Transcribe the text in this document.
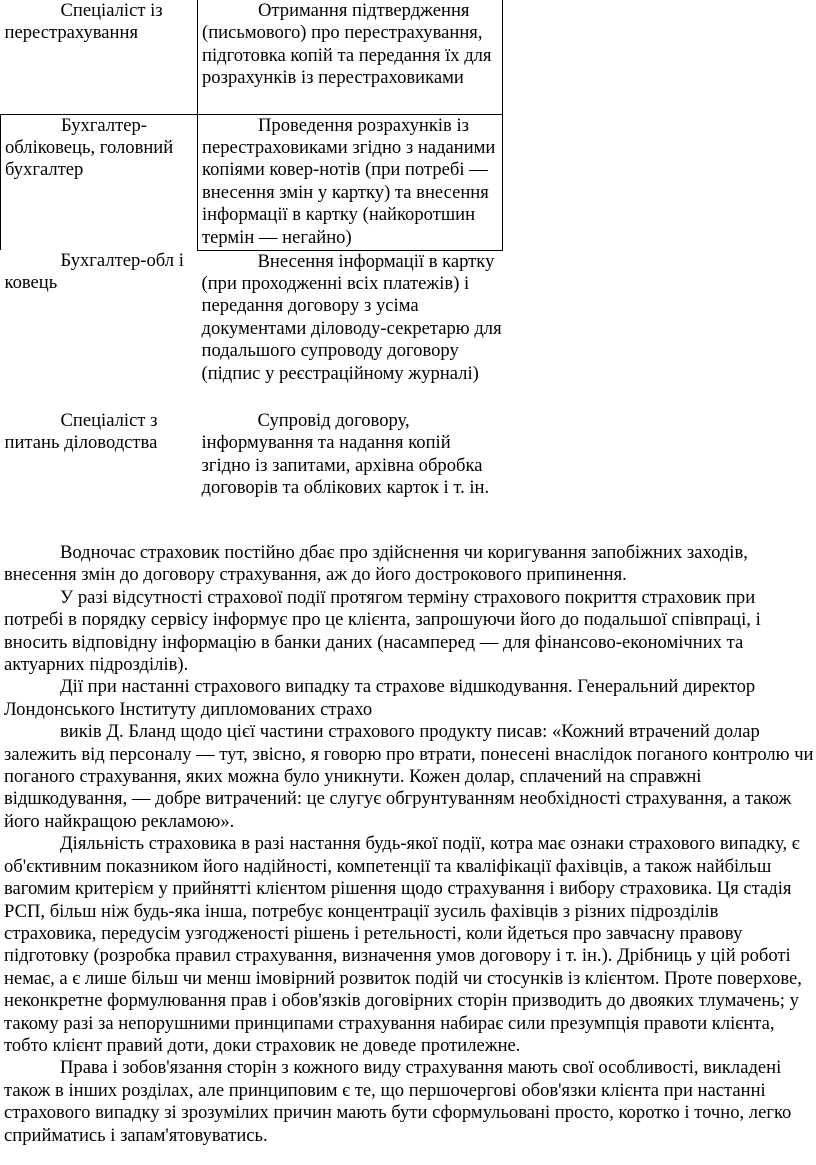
Спеціаліст із перестрахування	Отримання підтвердження (письмового) про перестрахування, підготовка копій та передання їх для розрахунків із перестраховиками
Бухгалтер-обліковець, головний бухгалтер	Проведення розрахунків із перестраховиками згідно з наданими копіями ковер-нотів (при потребі — внесення змін у картку) та внесення інформації в картку (найкоротшин термін — негайно)
Бухгалтер-обл і ковець	Внесення інформації в картку (при проходженні всіх платежів) і передання договору з усіма документами діловоду-секретарю для подальшого супроводу договору (підпис у реєстраційному журналі)
Спеціаліст з питань діловодства	Супровід договору, інформування та надання копій згідно із запитами, архівна обробка договорів та облікових карток і т. ін.

Водночас страховик постійно дбає про здійснення чи коригування запобіжних заходів, внесення змін до договору страхування, аж до його дострокового припинення.

У разі відсутності страхової події протягом терміну страхового покриття страховик при потребі в порядку сервісу інформує про це клієнта, запрошуючи його до подальшої співпраці, і вносить відповідну інформацію в банки даних (насамперед — для фінансово-економічних та актуарних підрозділів).

Дії при настанні страхового випадку та страхове відшкодування. Генеральний директор Лондонського Інституту дипломованих страхо

виків Д. Бланд щодо цієї частини страхового продукту писав: «Кожний втрачений долар залежить від персоналу — тут, звісно, я говорю про втрати, понесені внаслідок поганого контролю чи поганого страхування, яких можна було уникнути. Кожен долар, сплачений на справжні відшкодування, — добре витрачений: це слугує обгрунтуванням необхідності страхування, а також його найкращою рекламою».

Діяльність страховика в разі настання будь-якої події, котра має ознаки страхового випадку, є об'єктивним показником його надійності, компетенції та кваліфікації фахівців, а також найбільш вагомим критерієм у прийнятті клієнтом рішення щодо страхування і вибору страховика. Ця стадія РСП, більш ніж будь-яка інша, потребує концентрації зусиль фахівців з різних підрозділів страховика, передусім узгодженості рішень і ретельності, коли йдеться про завчасну правову підготовку (розробка правил страхування, визначення умов договору і т. ін.). Дрібниць у цій роботі немає, а є лише більш чи менш імовірний розвиток подій чи стосунків із клієнтом. Проте поверхове, неконкретне формулювання прав і обов'язків договірних сторін призводить до двояких тлумачень; у такому разі за непорушними принципами страхування набирає сили презумпція правоти клієнта, тобто клієнт правий доти, доки страховик не доведе протилежне.

Права і зобов'язання сторін з кожного виду страхування мають свої особливості, викладені також в інших розділах, але принциповим є те, що першочергові обов'язки клієнта при настанні страхового випадку зі зрозумілих причин мають бути сформульовані просто, коротко і точно, легко сприйматись і запам'ятовуватись.
